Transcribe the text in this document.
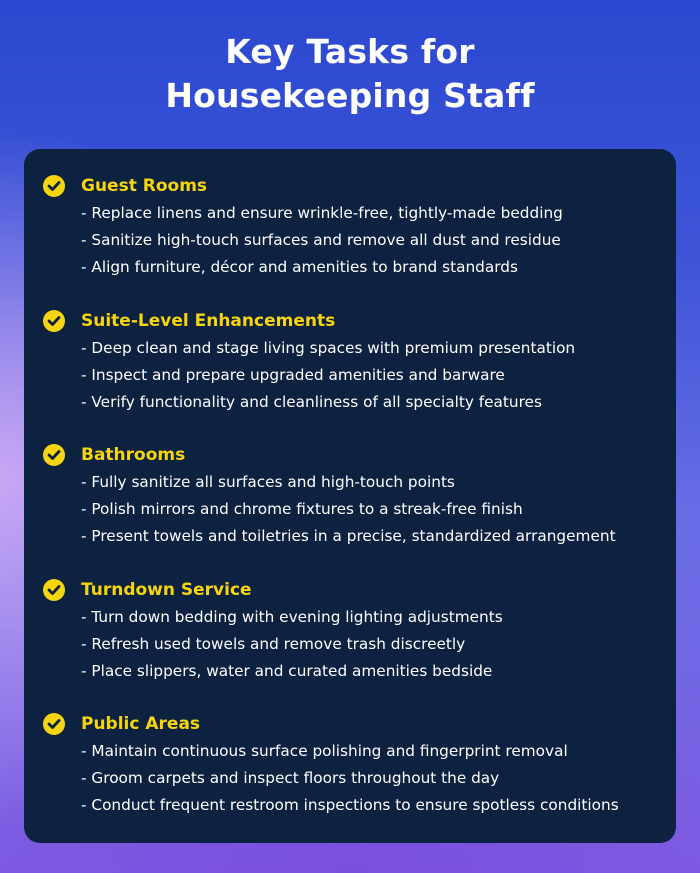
Key Tasks for
Housekeeping Staff
Guest Rooms
- Replace linens and ensure wrinkle-free, tightly-made bedding
- Sanitize high-touch surfaces and remove all dust and residue
- Align furniture, décor and amenities to brand standards
Suite-Level Enhancements
- Deep clean and stage living spaces with premium presentation
- Inspect and prepare upgraded amenities and barware
- Verify functionality and cleanliness of all specialty features
Bathrooms
- Fully sanitize all surfaces and high-touch points
- Polish mirrors and chrome fixtures to a streak-free finish
- Present towels and toiletries in a precise, standardized arrangement
Turndown Service
- Turn down bedding with evening lighting adjustments
- Refresh used towels and remove trash discreetly
- Place slippers, water and curated amenities bedside
Public Areas
- Maintain continuous surface polishing and fingerprint removal
- Groom carpets and inspect floors throughout the day
- Conduct frequent restroom inspections to ensure spotless conditions
